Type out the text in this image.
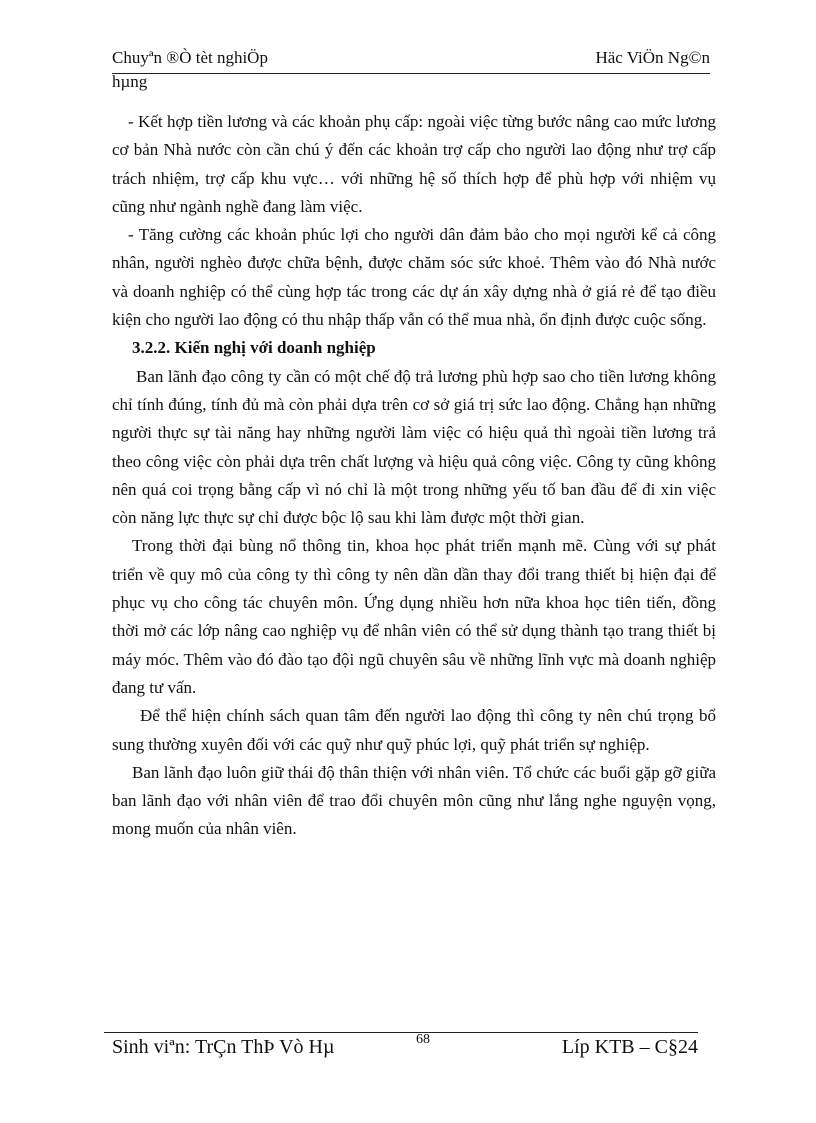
Chuyªn ®Ò tèt nghiÖp	Häc ViÖn Ng©n
hµng

- Kết hợp tiền lương và các khoản phụ cấp: ngoài việc từng bước nâng cao mức lương cơ bản Nhà nước còn cần chú ý đến các khoản trợ cấp cho người lao động như trợ cấp trách nhiệm, trợ cấp khu vực… với những hệ số thích hợp để phù hợp với nhiệm vụ cũng như ngành nghề đang làm việc.

- Tăng cường các khoản phúc lợi cho người dân đảm bảo cho mọi người kể cả công nhân, người nghèo được chữa bệnh, được chăm sóc sức khoẻ. Thêm vào đó Nhà nước và doanh nghiệp có thể cùng hợp tác trong các dự án xây dựng nhà ở giá rẻ để tạo điều kiện cho người lao động có thu nhập thấp vẫn có thể mua nhà, ổn định được cuộc sống.

3.2.2. Kiến nghị với doanh nghiệp

Ban lãnh đạo công ty cần có một chế độ trả lương phù hợp sao cho tiền lương không chỉ tính đúng, tính đủ mà còn phải dựa trên cơ sở giá trị sức lao động. Chẳng hạn những người thực sự tài năng hay những người làm việc có hiệu quả thì ngoài tiền lương trả theo công việc còn phải dựa trên chất lượng và hiệu quả công việc. Công ty cũng không nên quá coi trọng bằng cấp vì nó chỉ là một trong những yếu tố ban đầu để đi xin việc còn năng lực thực sự chỉ được bộc lộ sau khi làm được một thời gian.

Trong thời đại bùng nổ thông tin, khoa học phát triển mạnh mẽ. Cùng với sự phát triển về quy mô của công ty thì công ty nên dần dần thay đổi trang thiết bị hiện đại để phục vụ cho công tác chuyên môn. Ứng dụng nhiều hơn nữa khoa học tiên tiến, đồng thời mở các lớp nâng cao nghiệp vụ để nhân viên có thể sử dụng thành tạo trang thiết bị máy móc. Thêm vào đó đào tạo đội ngũ chuyên sâu về những lĩnh vực mà doanh nghiệp đang tư vấn.

Để thể hiện chính sách quan tâm đến người lao động thì công ty nên chú trọng bổ sung thường xuyên đối với các quỹ như quỹ phúc lợi, quỹ phát triển sự nghiệp.

Ban lãnh đạo luôn giữ thái độ thân thiện với nhân viên. Tổ chức các buổi gặp gỡ giữa ban lãnh đạo với nhân viên để trao đổi chuyên môn cũng như lắng nghe nguyện vọng, mong muốn của nhân viên.

Sinh viªn: TrÇn ThÞ Vò Hµ	68	Líp KTB – C§24
